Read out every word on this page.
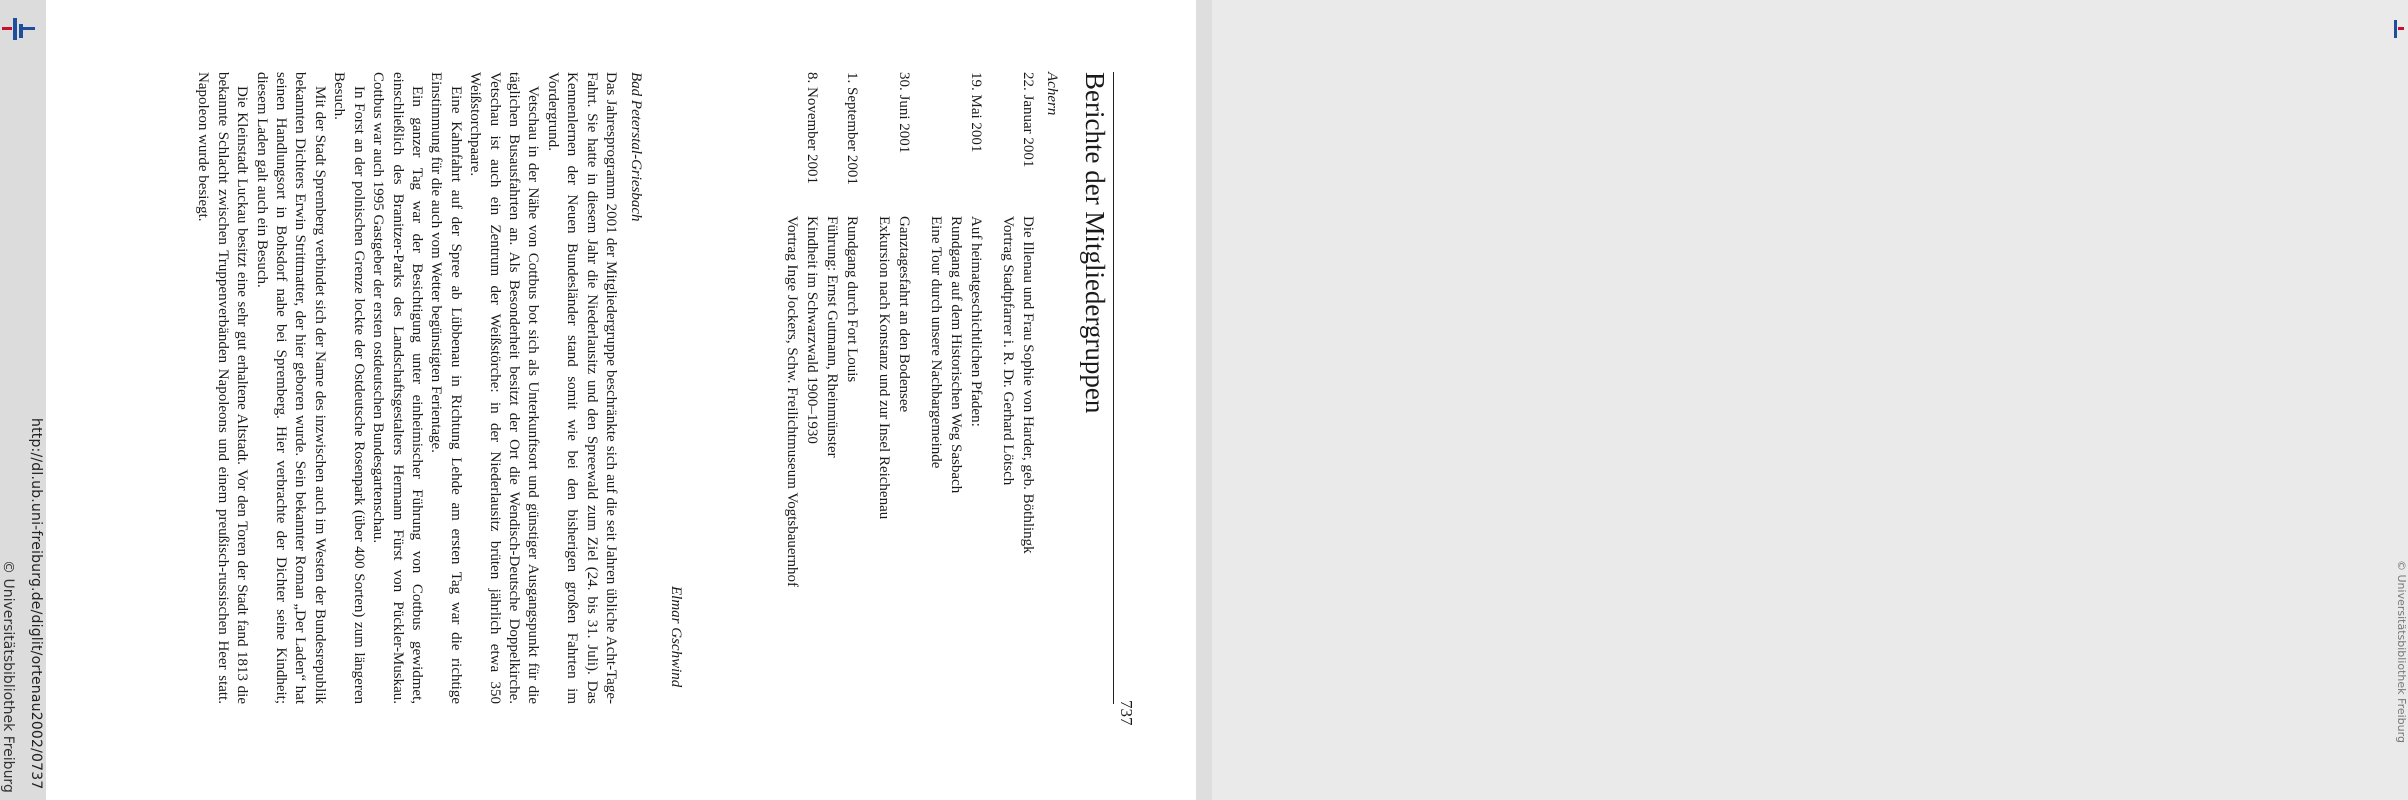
http://dl.ub.uni-freiburg.de/diglit/ortenau2002/0737
© Universitätsbibliothek Freiburg	© Universitätsbibliothek Freiburg
737
Berichte der Mitgliedergruppen
Achern
22. Januar 2001
Die Illenau und Frau Sophie von Harder, geb. Böthlingk
Vortrag Stadtpfarrer i. R. Dr. Gerhard Lötsch
19. Mai 2001
Auf heimatgeschichtlichen Pfaden:
Rundgang auf dem Historischen Weg Sasbach
Eine Tour durch unsere Nachbargemeinde
30. Juni 2001
Ganztagesfahrt an den Bodensee
Exkursion nach Konstanz und zur Insel Reichenau
1. September 2001
Rundgang durch Fort Louis
Führung: Ernst Gutmann, Rheinmünster
8. November 2001
Kindheit im Schwarzwald 1900–1930
Vortrag Inge Jockers, Schw. Freilichtmuseum Vogtsbauernhof
Elmar Gschwind
Bad Peterstal-Griesbach

Das Jahresprogramm 2001 der Mitgliedergruppe beschränkte sich auf die seit Jahren übliche Acht-Tage-Fahrt. Sie hatte in diesem Jahr die Niederlausitz und den Spreewald zum Ziel (24. bis 31. Juli). Das Kennenlernen der Neuen Bundesländer stand somit wie bei den bisherigen großen Fahrten im Vordergrund.

Vetschau in der Nähe von Cottbus bot sich als Unterkunftsort und günstiger Ausgangspunkt für die täglichen Busausfahrten an. Als Besonderheit besitzt der Ort die Wendisch-Deutsche Doppelkirche. Vetschau ist auch ein Zentrum der Weißstörche: in der Niederlausitz brüten jährlich etwa 350 Weißstorchpaare.

Eine Kahnfahrt auf der Spree ab Lübbenau in Richtung Lehde am ersten Tag war die richtige Einstimmung für die auch vom Wetter begünstigten Ferientage.

Ein ganzer Tag war der Besichtigung unter einheimischer Führung von Cottbus gewidmet, einschließlich des Branitzer-Parks des Landschaftsgestalters Hermann Fürst von Pückler-Muskau. Cottbus war auch 1995 Gastgeber der ersten ostdeutschen Bundesgartenschau.

In Forst an der polnischen Grenze lockte der Ostdeutsche Rosenpark (über 400 Sorten) zum längeren Besuch.

Mit der Stadt Spremberg verbindet sich der Name des inzwischen auch im Westen der Bundesrepublik bekannten Dichters Erwin Strittmatter, der hier geboren wurde. Sein bekannter Roman „Der Laden“ hat seinen Handlungsort in Bohsdorf nahe bei Spremberg. Hier verbrachte der Dichter seine Kindheit; diesem Laden galt auch ein Besuch.

Die Kleinstadt Luckau besitzt eine sehr gut erhaltene Altstadt. Vor den Toren der Stadt fand 1813 die bekannte Schlacht zwischen Truppenverbänden Napoleons und einem preußisch-russischen Heer statt. Napoleon wurde besiegt.
